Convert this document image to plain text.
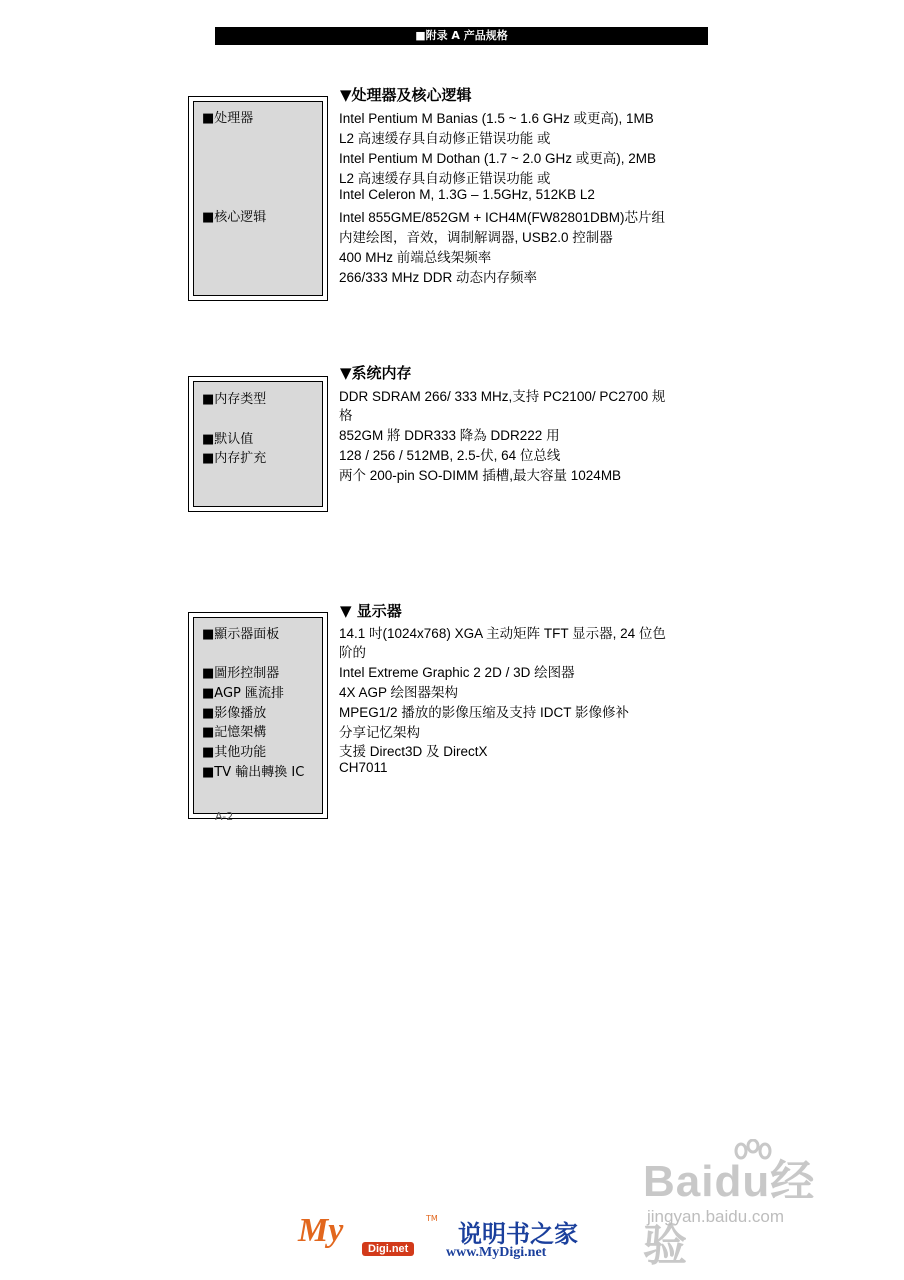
■附录 A 产品规格
▼处理器及核心逻辑
■处理器
■核心逻辑
Intel Pentium M Banias (1.5 ~ 1.6 GHz 或更高), 1MB
L2 高速缓存具自动修正错误功能 或
Intel Pentium M Dothan (1.7 ~ 2.0 GHz 或更高), 2MB
L2 高速缓存具自动修正错误功能 或
Intel Celeron M, 1.3G – 1.5GHz, 512KB L2
Intel 855GME/852GM + ICH4M(FW82801DBM)芯片组
内建绘图，音效，调制解调器, USB2.0 控制器
400 MHz 前端总线架频率
266/333 MHz DDR 动态内存频率
▼系统内存
■内存类型
■默认值
■内存扩充
DDR SDRAM 266/ 333 MHz,支持 PC2100/ PC2700 规
格
852GM 將 DDR333 降為 DDR222 用
128 / 256 / 512MB, 2.5-伏, 64 位总线
两个 200-pin SO-DIMM 插槽,最大容量 1024MB
▼ 显示器
■顯示器面板
■圖形控制器
■AGP 匯流排
■影像播放
■記憶架構
■其他功能
■TV 輸出轉換 IC
14.1 吋(1024x768) XGA 主动矩阵 TFT 显示器, 24 位色
阶的
Intel Extreme Graphic 2 2D / 3D 绘图器
4X AGP 绘图器架构
MPEG1/2 播放的影像压缩及支持 IDCT 影像修补
分享记忆架构
支援 Direct3D 及 DirectX
CH7011
A-2
Baidu经验
jingyan.baidu.com
My	TM
Digi.net
说明书之家
www.MyDigi.net
